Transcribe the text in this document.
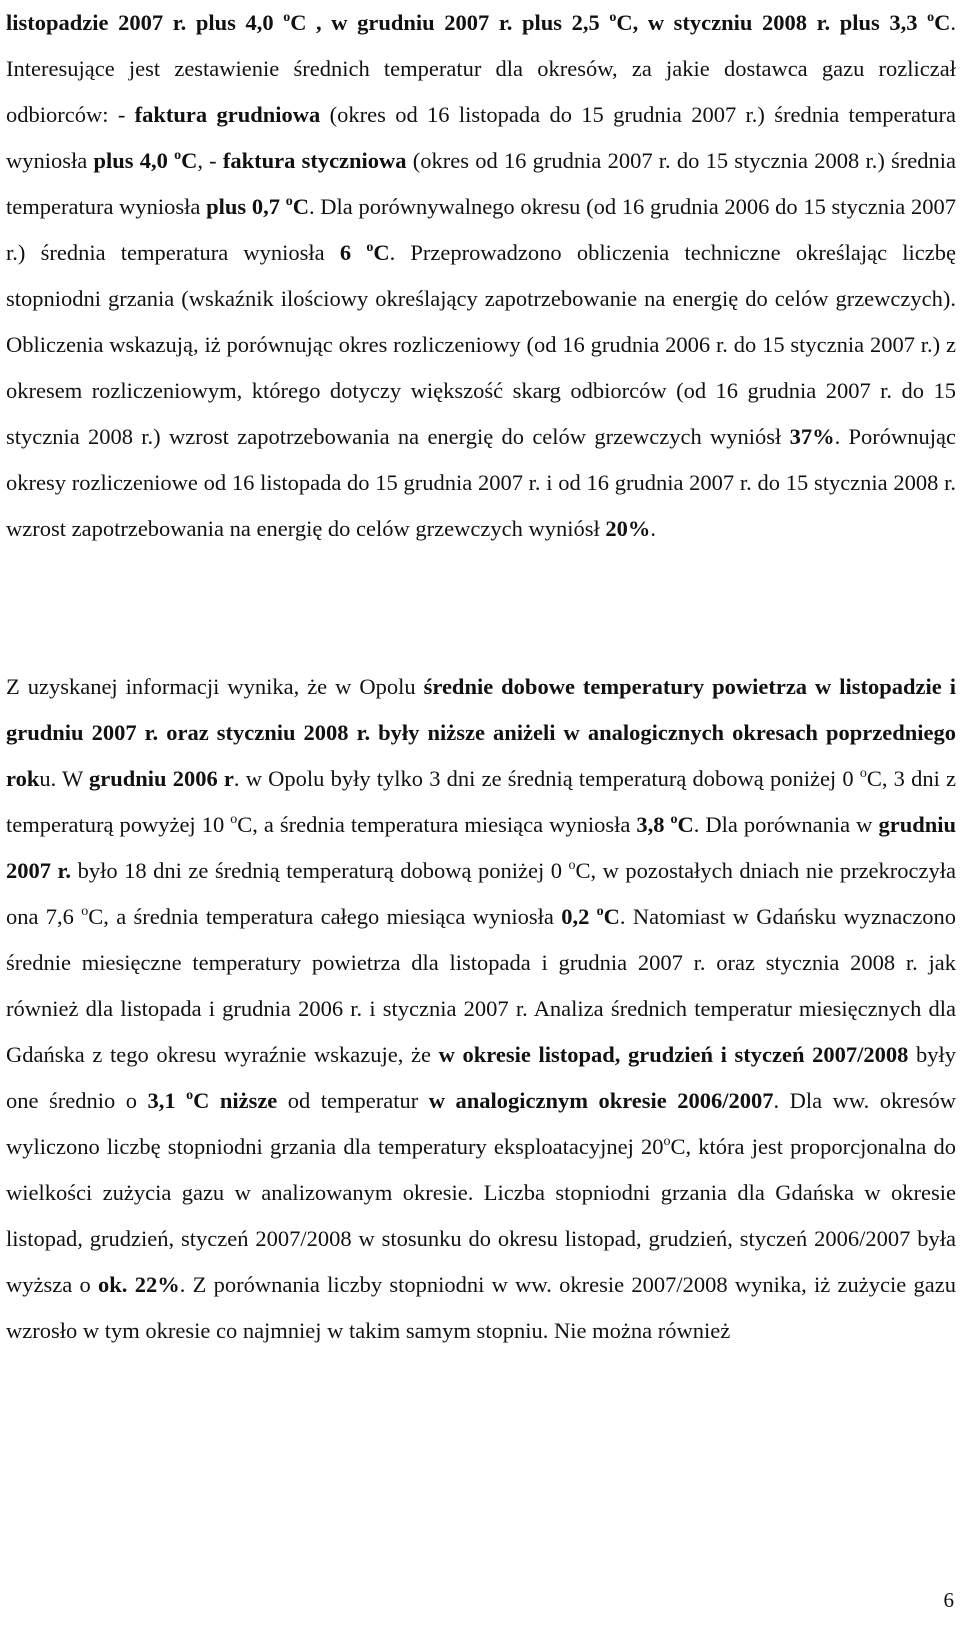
listopadzie 2007 r. plus 4,0 $^o$C , w grudniu 2007 r. plus 2,5 $^o$C, w styczniu 2008 r. plus 3,3 $^o$C. Interesujące jest zestawienie średnich temperatur dla okresów, za jakie dostawca gazu rozliczał odbiorców: - faktura grudniowa (okres od 16 listopada do 15 grudnia 2007 r.) średnia temperatura wyniosła plus 4,0 $^o$C, - faktura styczniowa (okres od 16 grudnia 2007 r. do 15 stycznia 2008 r.) średnia temperatura wyniosła plus 0,7 $^o$C. Dla porównywalnego okresu (od 16 grudnia 2006 do 15 stycznia 2007 r.) średnia temperatura wyniosła 6 $^o$C. Przeprowadzono obliczenia techniczne określając liczbę stopniodni grzania (wskaźnik ilościowy określający zapotrzebowanie na energię do celów grzewczych). Obliczenia wskazują, iż porównując okres rozliczeniowy (od 16 grudnia 2006 r. do 15 stycznia 2007 r.) z okresem rozliczeniowym, którego dotyczy większość skarg odbiorców (od 16 grudnia 2007 r. do 15 stycznia 2008 r.) wzrost zapotrzebowania na energię do celów grzewczych wyniósł 37%. Porównując okresy rozliczeniowe od 16 listopada do 15 grudnia 2007 r. i od 16 grudnia 2007 r. do 15 stycznia 2008 r. wzrost zapotrzebowania na energię do celów grzewczych wyniósł 20%.

Z uzyskanej informacji wynika, że w Opolu średnie dobowe temperatury powietrza w listopadzie i grudniu 2007 r. oraz styczniu 2008 r. były niższe aniżeli w analogicznych okresach poprzedniego roku. W grudniu 2006 r. w Opolu były tylko 3 dni ze średnią temperaturą dobową poniżej 0 $^o$C, 3 dni z temperaturą powyżej 10 $^o$C, a średnia temperatura miesiąca wyniosła 3,8 $^o$C. Dla porównania w grudniu 2007 r. było 18 dni ze średnią temperaturą dobową poniżej 0 $^o$C, w pozostałych dniach nie przekroczyła ona 7,6 $^o$C, a średnia temperatura całego miesiąca wyniosła 0,2 $^o$C. Natomiast w Gdańsku wyznaczono średnie miesięczne temperatury powietrza dla listopada i grudnia 2007 r. oraz stycznia 2008 r. jak również dla listopada i grudnia 2006 r. i stycznia 2007 r. Analiza średnich temperatur miesięcznych dla Gdańska z tego okresu wyraźnie wskazuje, że w okresie listopad, grudzień i styczeń 2007/2008 były one średnio o 3,1 $^o$C niższe od temperatur w analogicznym okresie 2006/2007. Dla ww. okresów wyliczono liczbę stopniodni grzania dla temperatury eksploatacyjnej 20$^o$C, która jest proporcjonalna do wielkości zużycia gazu w analizowanym okresie. Liczba stopniodni grzania dla Gdańska w okresie listopad, grudzień, styczeń 2007/2008 w stosunku do okresu listopad, grudzień, styczeń 2006/2007 była wyższa o ok. 22%. Z porównania liczby stopniodni w ww. okresie 2007/2008 wynika, iż zużycie gazu wzrosło w tym okresie co najmniej w takim samym stopniu. Nie można również

6
